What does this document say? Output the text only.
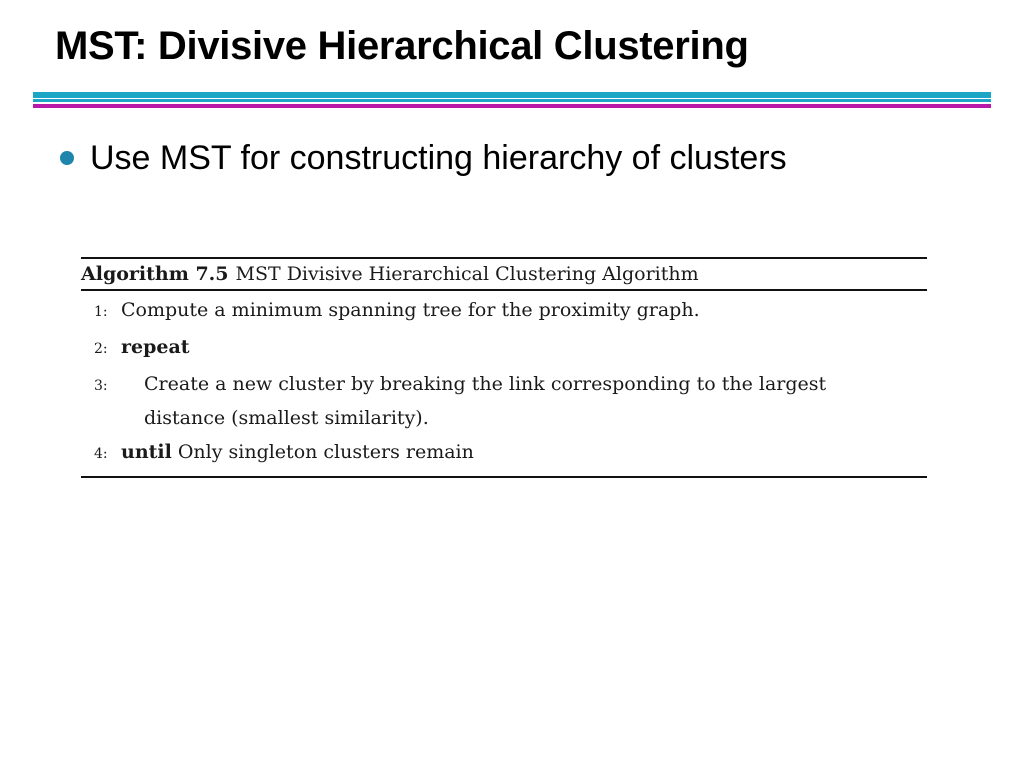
MST: Divisive Hierarchical Clustering
Use MST for constructing hierarchy of clusters
Algorithm 7.5 MST Divisive Hierarchical Clustering Algorithm
1: Compute a minimum spanning tree for the proximity graph.
2: repeat
3:	Create a new cluster by breaking the link corresponding to the largest distance (smallest similarity).
4: until Only singleton clusters remain
